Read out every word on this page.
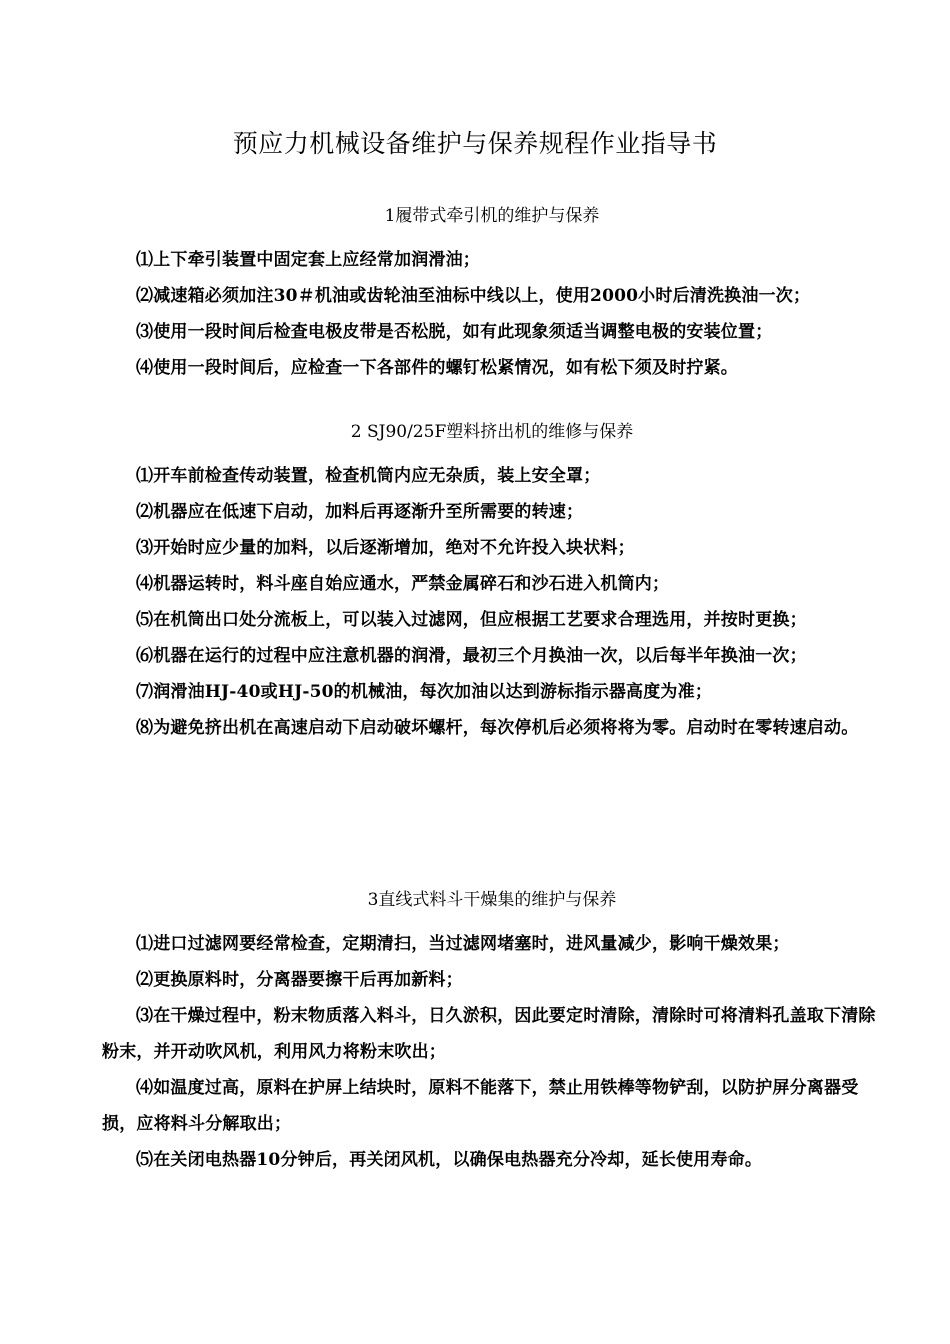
预应力机械设备维护与保养规程作业指导书
1履带式牵引机的维护与保养

⑴上下牵引装置中固定套上应经常加润滑油；

⑵减速箱必须加注30＃机油或齿轮油至油标中线以上，使用2000小时后清洗换油一次；

⑶使用一段时间后检查电极皮带是否松脱，如有此现象须适当调整电极的安装位置；

⑷使用一段时间后，应检查一下各部件的螺钉松紧情况，如有松下须及时拧紧。

2 SJ90/25F塑料挤出机的维修与保养

⑴开车前检查传动装置，检查机筒内应无杂质，装上安全罩；

⑵机器应在低速下启动，加料后再逐渐升至所需要的转速；

⑶开始时应少量的加料，以后逐渐增加，绝对不允许投入块状料；

⑷机器运转时，料斗座自始应通水，严禁金属碎石和沙石进入机筒内；

⑸在机筒出口处分流板上，可以装入过滤网，但应根据工艺要求合理选用，并按时更换；

⑹机器在运行的过程中应注意机器的润滑，最初三个月换油一次，以后每半年换油一次；

⑺润滑油HJ-40或HJ-50的机械油，每次加油以达到游标指示器高度为准；

⑻为避免挤出机在高速启动下启动破坏螺杆，每次停机后必须将将为零。启动时在零转速启动。

3直线式料斗干燥集的维护与保养

⑴进口过滤网要经常检查，定期清扫，当过滤网堵塞时，进风量减少，影响干燥效果；

⑵更换原料时，分离器要擦干后再加新料；

⑶在干燥过程中，粉末物质落入料斗，日久淤积，因此要定时清除，清除时可将清料孔盖取下清除粉末，并开动吹风机，利用风力将粉末吹出；

⑷如温度过高，原料在护屏上结块时，原料不能落下，禁止用铁棒等物铲刮，以防护屏分离器受损，应将料斗分解取出；

⑸在关闭电热器10分钟后，再关闭风机，以确保电热器充分冷却，延长使用寿命。
